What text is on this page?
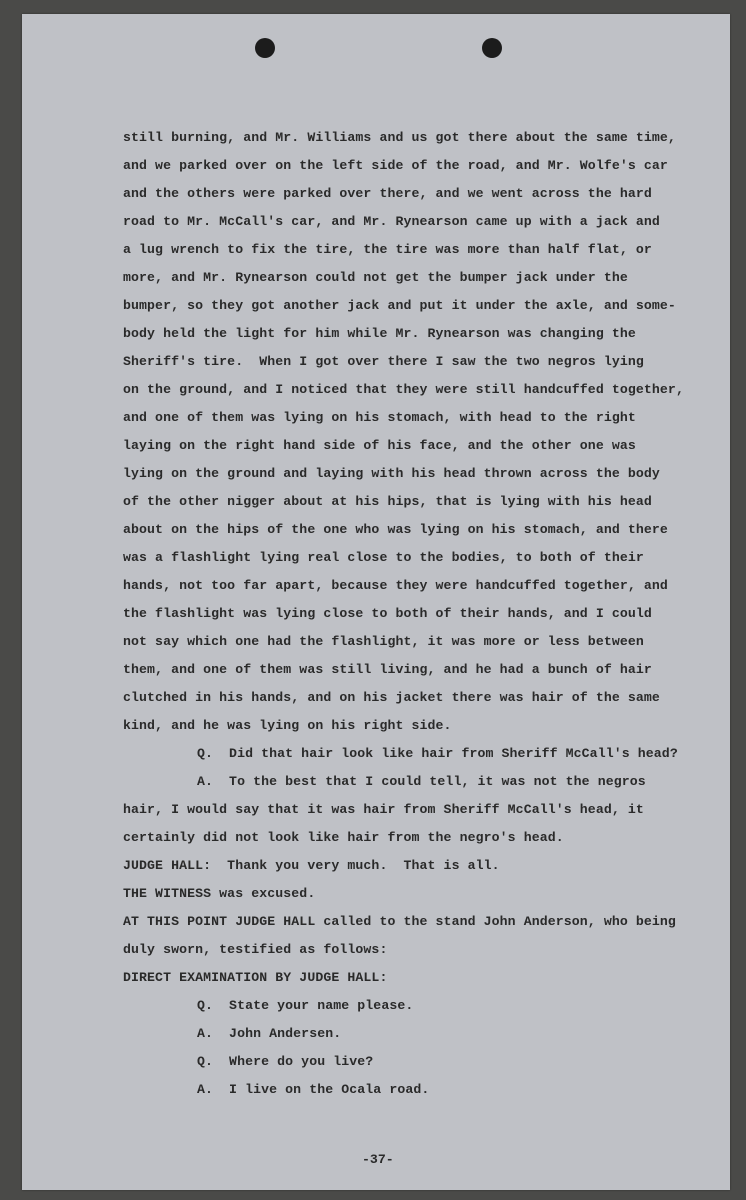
still burning, and Mr. Williams and us got there about the same time,
and we parked over on the left side of the road, and Mr. Wolfe's car
and the others were parked over there, and we went across the hard
road to Mr. McCall's car, and Mr. Rynearson came up with a jack and
a lug wrench to fix the tire, the tire was more than half flat, or
more, and Mr. Rynearson could not get the bumper jack under the
bumper, so they got another jack and put it under the axle, and some-
body held the light for him while Mr. Rynearson was changing the
Sheriff's tire.  When I got over there I saw the two negros lying
on the ground, and I noticed that they were still handcuffed together,
and one of them was lying on his stomach, with head to the right
laying on the right hand side of his face, and the other one was
lying on the ground and laying with his head thrown across the body
of the other nigger about at his hips, that is lying with his head
about on the hips of the one who was lying on his stomach, and there
was a flashlight lying real close to the bodies, to both of their
hands, not too far apart, because they were handcuffed together, and
the flashlight was lying close to both of their hands, and I could
not say which one had the flashlight, it was more or less between
them, and one of them was still living, and he had a bunch of hair
clutched in his hands, and on his jacket there was hair of the same
kind, and he was lying on his right side.
Q.  Did that hair look like hair from Sheriff McCall's head?
A.  To the best that I could tell, it was not the negros
hair, I would say that it was hair from Sheriff McCall's head, it
certainly did not look like hair from the negro's head.
JUDGE HALL:  Thank you very much.  That is all.
THE WITNESS was excused.
AT THIS POINT JUDGE HALL called to the stand John Anderson, who being
duly sworn, testified as follows:
DIRECT EXAMINATION BY JUDGE HALL:
Q.  State your name please.
A.  John Andersen.
Q.  Where do you live?
A.  I live on the Ocala road.
-37-
